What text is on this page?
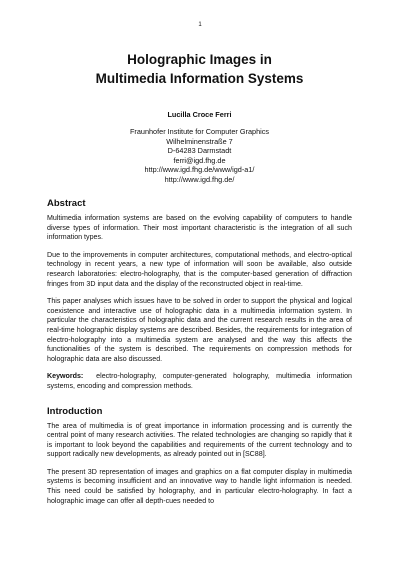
1
Holographic Images in
Multimedia Information Systems
Lucilla Croce Ferri
Fraunhofer Institute for Computer Graphics
Wilhelminenstraße 7
D-64283 Darmstadt
ferri@igd.fhg.de
http://www.igd.fhg.de/www/igd-a1/
http://www.igd.fhg.de/
Abstract

Multimedia information systems are based on the evolving capability of computers to handle diverse types of information. Their most important characteristic is the integration of all such information types.

Due to the improvements in computer architectures, computational methods, and electro-optical technology in recent years, a new type of information will soon be available, also outside research laboratories: electro-holography, that is the computer-based generation of diffraction fringes from 3D input data and the display of the reconstructed object in real-time.

This paper analyses which issues have to be solved in order to support the physical and logical coexistence and interactive use of holographic data in a multimedia information system. In particular the characteristics of holographic data and the current research results in the area of real-time holographic display systems are described. Besides, the requirements for integration of electro-holography into a multimedia system are analysed and the way this affects the functionalities of the system is described. The requirements on compression methods for holographic data are also discussed.

Keywords: electro-holography, computer-generated holography, multimedia information systems, encoding and compression methods.

Introduction

The area of multimedia is of great importance in information processing and is currently the central point of many research activities. The related technologies are changing so rapidly that it is important to look beyond the capabilities and requirements of the current technology and to support radically new developments, as already pointed out in [SC88].

The present 3D representation of images and graphics on a flat computer display in multimedia systems is becoming insufficient and an innovative way to handle light information is needed. This need could be satisfied by holography, and in particular electro-holography. In fact a holographic image can offer all depth-cues needed to
